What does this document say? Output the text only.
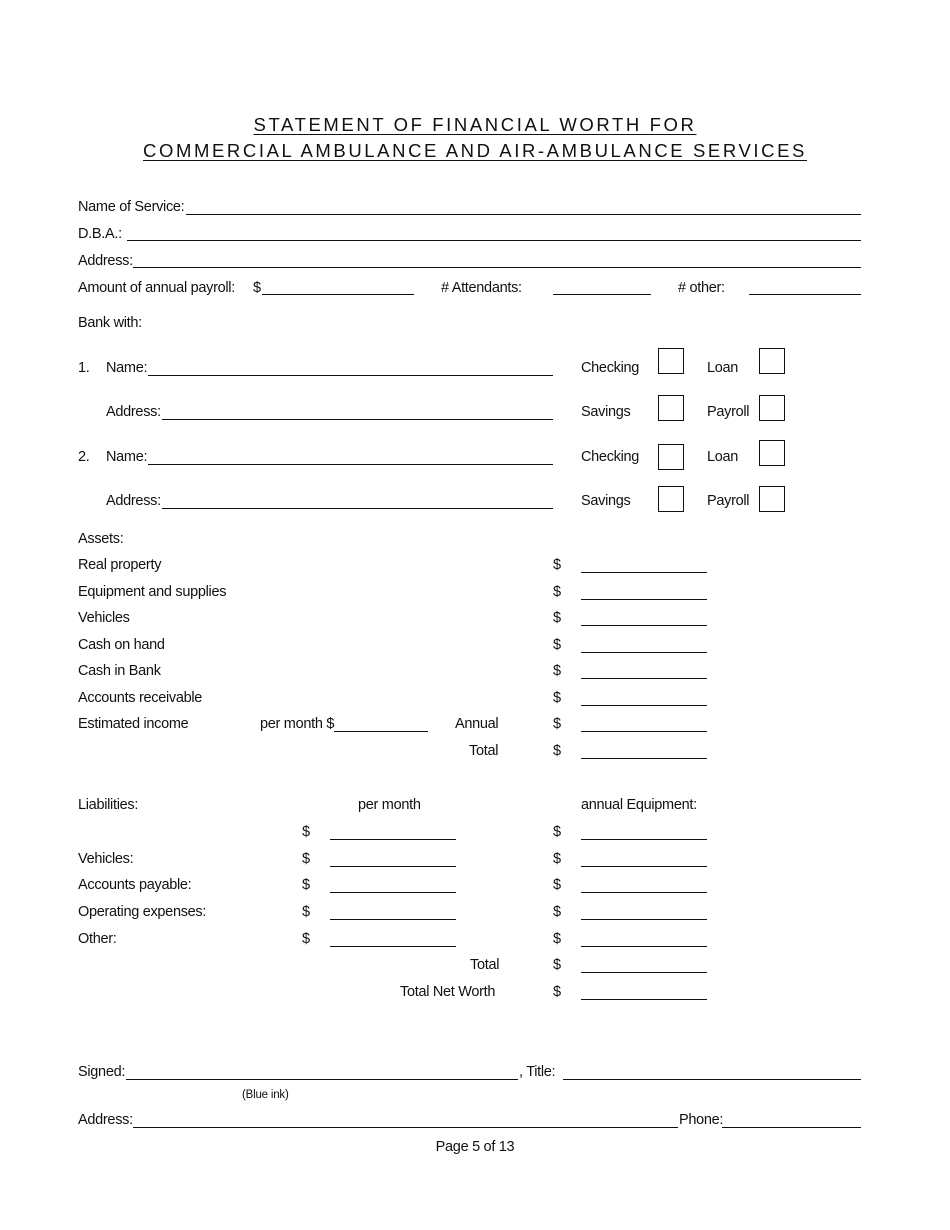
STATEMENT OF FINANCIAL WORTH FOR
COMMERCIAL AMBULANCE AND AIR-AMBULANCE SERVICES
Name of Service:
D.B.A.:
Address:
Amount of annual payroll: $	# Attendants:	# other:
Bank with:
1. Name:	Checking	Loan
Address:	Savings	Payroll
2. Name:	Checking	Loan
Address:	Savings	Payroll
Assets:
Real property	$
Equipment and supplies	$
Vehicles	$
Cash on hand	$
Cash in Bank	$
Accounts receivable	$
Estimated income	per month $	Annual	$
Total	$
Liabilities:	per month	annual Equipment:
$	$
Vehicles:	$	$
Accounts payable:	$	$
Operating expenses:	$	$
Other:	$	$
Total	$
Total Net Worth	$
Signed:	, Title:
(Blue ink)
Address:	Phone:
Page 5 of 13
